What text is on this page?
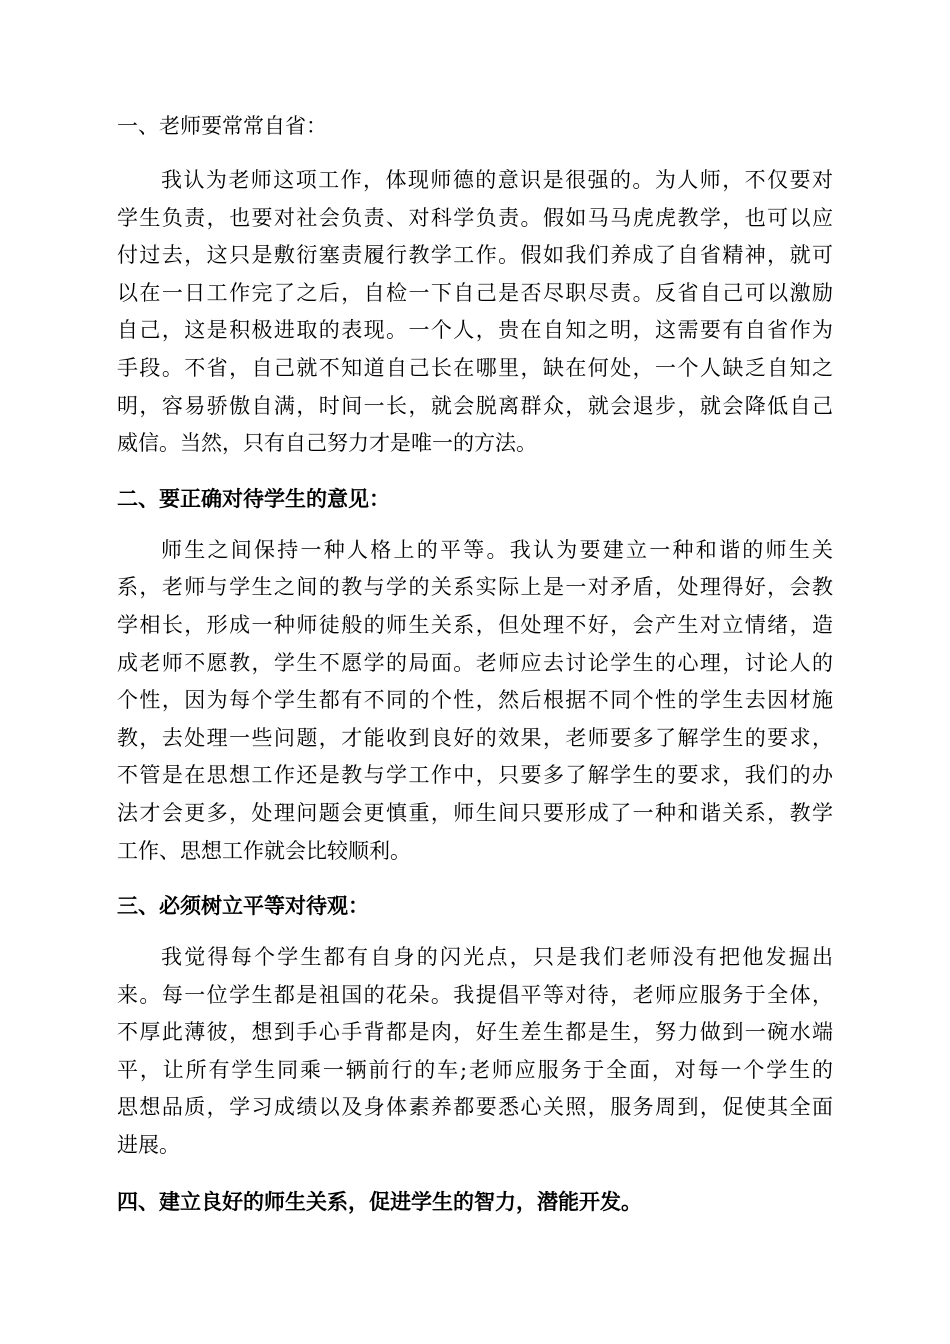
一、老师要常常自省：

我认为老师这项工作，体现师德的意识是很强的。为人师，不仅要对
学生负责，也要对社会负责、对科学负责。假如马马虎虎教学，也可以应
付过去，这只是敷衍塞责履行教学工作。假如我们养成了自省精神，就可
以在一日工作完了之后，自检一下自己是否尽职尽责。反省自己可以激励
自己，这是积极进取的表现。一个人，贵在自知之明，这需要有自省作为
手段。不省，自己就不知道自己长在哪里，缺在何处，一个人缺乏自知之
明，容易骄傲自满，时间一长，就会脱离群众，就会退步，就会降低自己
威信。当然，只有自己努力才是唯一的方法。

二、要正确对待学生的意见：

师生之间保持一种人格上的平等。我认为要建立一种和谐的师生关
系，老师与学生之间的教与学的关系实际上是一对矛盾，处理得好，会教
学相长，形成一种师徒般的师生关系，但处理不好，会产生对立情绪，造
成老师不愿教，学生不愿学的局面。老师应去讨论学生的心理，讨论人的
个性，因为每个学生都有不同的个性，然后根据不同个性的学生去因材施
教，去处理一些问题，才能收到良好的效果，老师要多了解学生的要求，
不管是在思想工作还是教与学工作中，只要多了解学生的要求，我们的办
法才会更多，处理问题会更慎重，师生间只要形成了一种和谐关系，教学
工作、思想工作就会比较顺利。

三、必须树立平等对待观：

我觉得每个学生都有自身的闪光点，只是我们老师没有把他发掘出
来。每一位学生都是祖国的花朵。我提倡平等对待，老师应服务于全体，
不厚此薄彼，想到手心手背都是肉，好生差生都是生，努力做到一碗水端
平，让所有学生同乘一辆前行的车;老师应服务于全面，对每一个学生的
思想品质，学习成绩以及身体素养都要悉心关照，服务周到，促使其全面
进展。

四、建立良好的师生关系，促进学生的智力，潜能开发。
